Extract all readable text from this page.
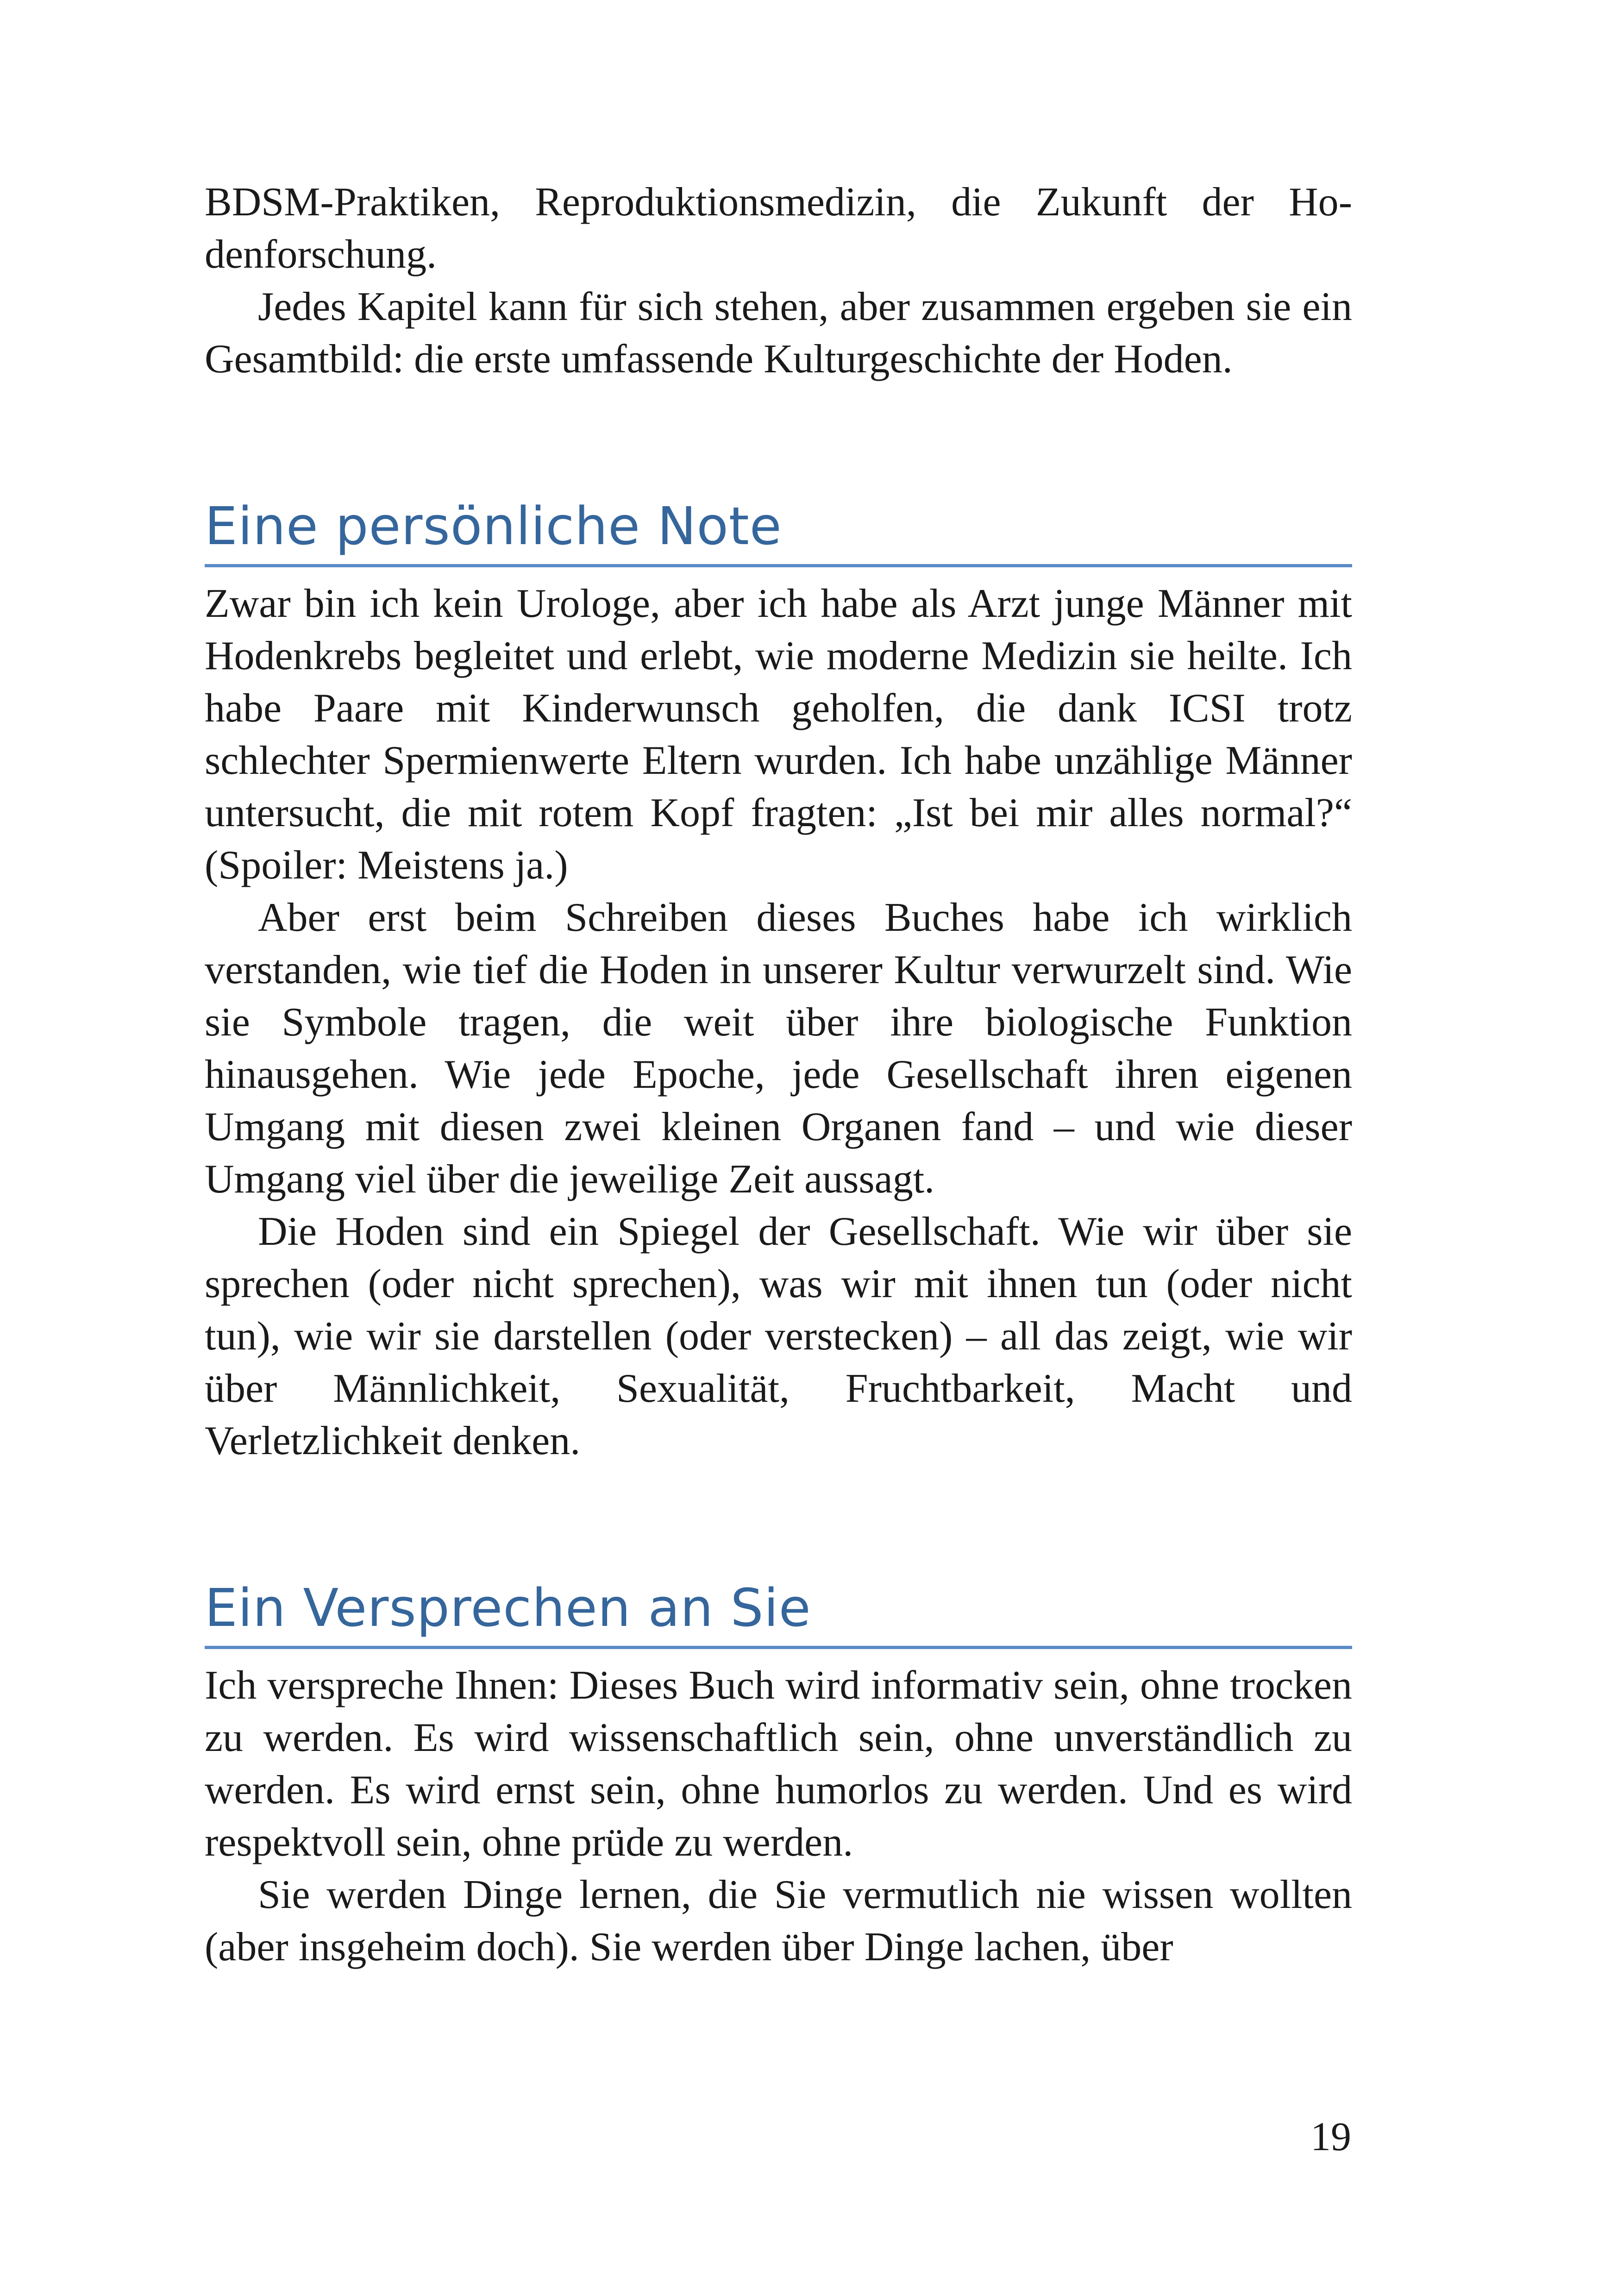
BDSM-Praktiken, Reproduktionsmedizin, die Zukunft der Hodenforschung.

Jedes Kapitel kann für sich stehen, aber zusammen ergeben sie ein Gesamtbild: die erste umfassende Kulturgeschichte der Hoden.

Eine persönliche Note

Zwar bin ich kein Urologe, aber ich habe als Arzt junge Männer mit Hodenkrebs begleitet und erlebt, wie moderne Medizin sie heilte. Ich habe Paare mit Kinderwunsch geholfen, die dank ICSI trotz schlechter Spermienwerte Eltern wurden. Ich habe unzählige Männer untersucht, die mit rotem Kopf fragten: „Ist bei mir alles normal?“ (Spoiler: Meistens ja.)

Aber erst beim Schreiben dieses Buches habe ich wirklich verstanden, wie tief die Hoden in unserer Kultur verwurzelt sind. Wie sie Symbole tragen, die weit über ihre biologische Funktion hinausgehen. Wie jede Epoche, jede Gesellschaft ihren eigenen Umgang mit diesen zwei kleinen Organen fand – und wie dieser Umgang viel über die jeweilige Zeit aussagt.

Die Hoden sind ein Spiegel der Gesellschaft. Wie wir über sie sprechen (oder nicht sprechen), was wir mit ihnen tun (oder nicht tun), wie wir sie darstellen (oder verstecken) – all das zeigt, wie wir über Männlichkeit, Sexualität, Fruchtbarkeit, Macht und Verletzlichkeit denken.

Ein Versprechen an Sie

Ich verspreche Ihnen: Dieses Buch wird informativ sein, ohne trocken zu werden. Es wird wissenschaftlich sein, ohne unverständlich zu werden. Es wird ernst sein, ohne humorlos zu werden. Und es wird respektvoll sein, ohne prüde zu werden.

Sie werden Dinge lernen, die Sie vermutlich nie wissen wollten (aber insgeheim doch). Sie werden über Dinge lachen, über

19
